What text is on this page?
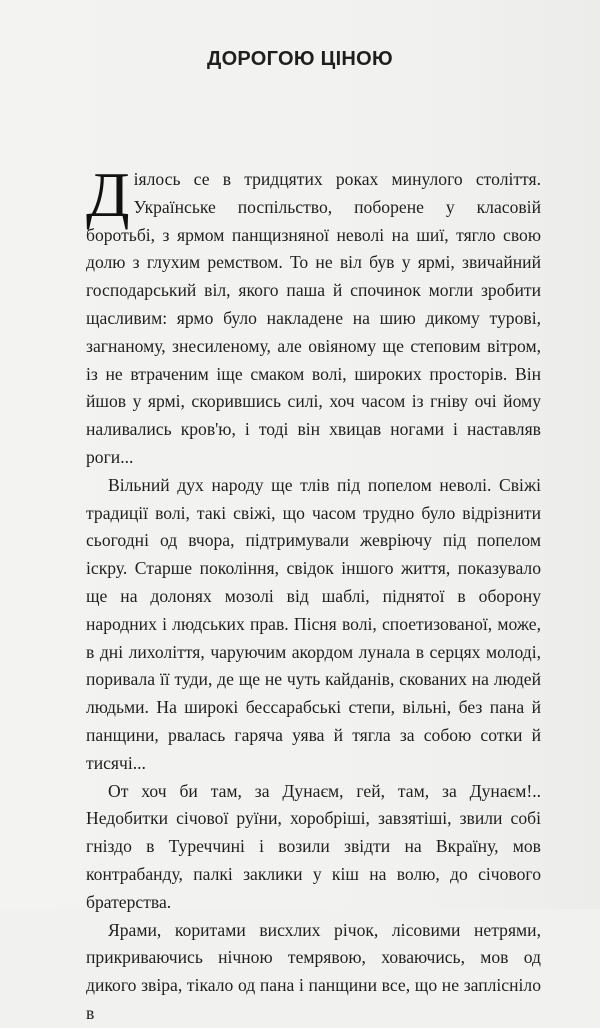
ДОРОГОЮ ЦІНОЮ

Д іялось се в тридцятих роках минулого століття. Українське поспільство, поборене у класовій боротьбі, з ярмом панщизняної неволі на шиї, тягло свою долю з глухим ремством. То не віл був у ярмі, звичайний господарський віл, якого паша й спочинок могли зробити щасливим: ярмо було накладене на шию дикому турові, загнаному, знесиленому, але овіяному ще степовим вітром, із не втраченим іще смаком волі, широких просторів. Він йшов у ярмі, скорившись силі, хоч часом із гніву очі йому наливались кров'ю, і тоді він хвицав ногами і наставляв роги...

Вільний дух народу ще тлів під попелом неволі. Свіжі традиції волі, такі свіжі, що часом трудно було відрізнити сьогодні од вчора, підтримували жевріючу під попелом іскру. Старше покоління, свідок іншого життя, показувало ще на долонях мозолі від шаблі, піднятої в оборону народних і людських прав. Пісня волі, споетизованої, може, в дні лихоліття, чаруючим акордом лунала в серцях молоді, поривала її туди, де ще не чуть кайданів, скованих на людей людьми. На широкі бессарабські степи, вільні, без пана й панщини, рвалась гаряча уява й тягла за собою сотки й тисячі...

От хоч би там, за Дунаєм, гей, там, за Дунаєм!.. Недобитки січової руїни, хоробріші, завзятіші, звили собі гніздо в Туреччині і возили звідти на Вкраїну, мов контрабанду, палкі заклики у кіш на волю, до січового братерства.

Ярами, коритами висхлих річок, лісовими нетрями, прикриваючись нічною темрявою, ховаючись, мов од дикого звіра, тікало од пана і панщини все, що не заплісніло в
